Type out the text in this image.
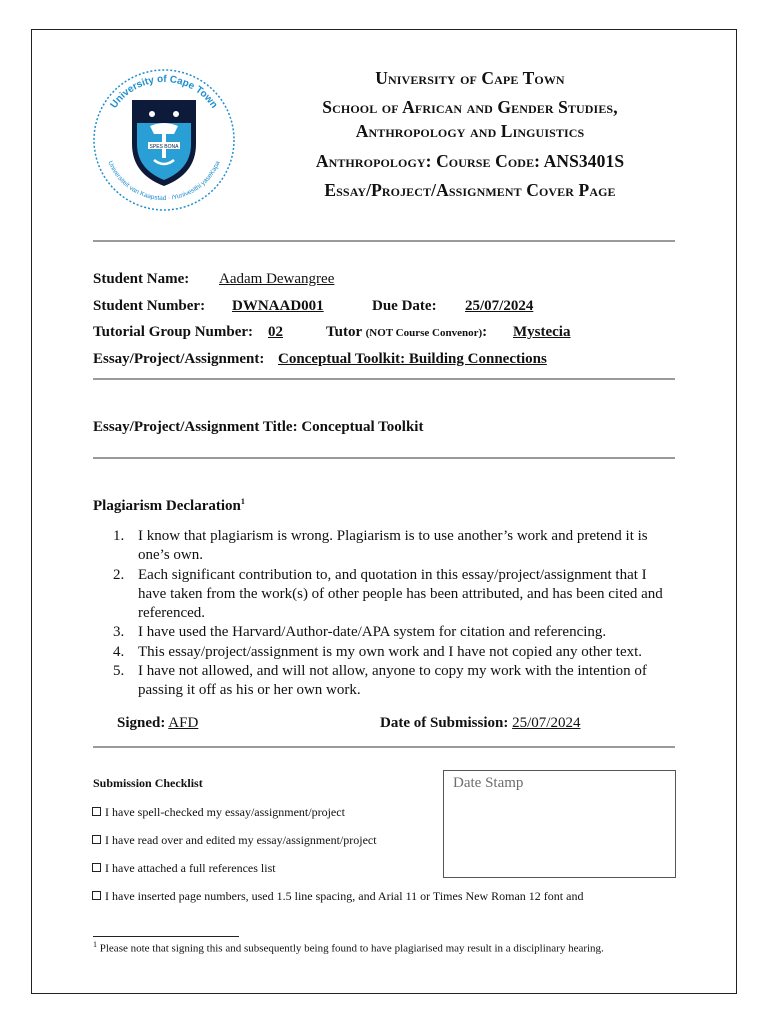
University of Cape Town
Universiteit van Kaapstad · iYunivesithi yaseKapa
SPES BONA
University of Cape Town
School of African and Gender Studies,
Anthropology and Linguistics
Anthropology: Course Code: ANS3401S
Essay/Project/Assignment Cover Page
Student Name: Aadam Dewangree
Student Number: DWNAAD001	Due Date: 25/07/2024
Tutorial Group Number: 02	Tutor (NOT Course Convenor): Mystecia
Essay/Project/Assignment: Conceptual Toolkit: Building Connections
Essay/Project/Assignment Title: Conceptual Toolkit
Plagiarism Declaration$^1$
1. I know that plagiarism is wrong. Plagiarism is to use another’s work and pretend it is one’s own.
2. Each significant contribution to, and quotation in this essay/project/assignment that I have taken from the work(s) of other people has been attributed, and has been cited and referenced.
3. I have used the Harvard/Author-date/APA system for citation and referencing.
4. This essay/project/assignment is my own work and I have not copied any other text.
5. I have not allowed, and will not allow, anyone to copy my work with the intention of passing it off as his or her own work.
Signed: AFD	Date of Submission: 25/07/2024
Submission Checklist
I have spell-checked my essay/assignment/project
I have read over and edited my essay/assignment/project
I have attached a full references list
I have inserted page numbers, used 1.5 line spacing, and Arial 11 or Times New Roman 12 font and
Date Stamp
$^1$ Please note that signing this and subsequently being found to have plagiarised may result in a disciplinary hearing.
